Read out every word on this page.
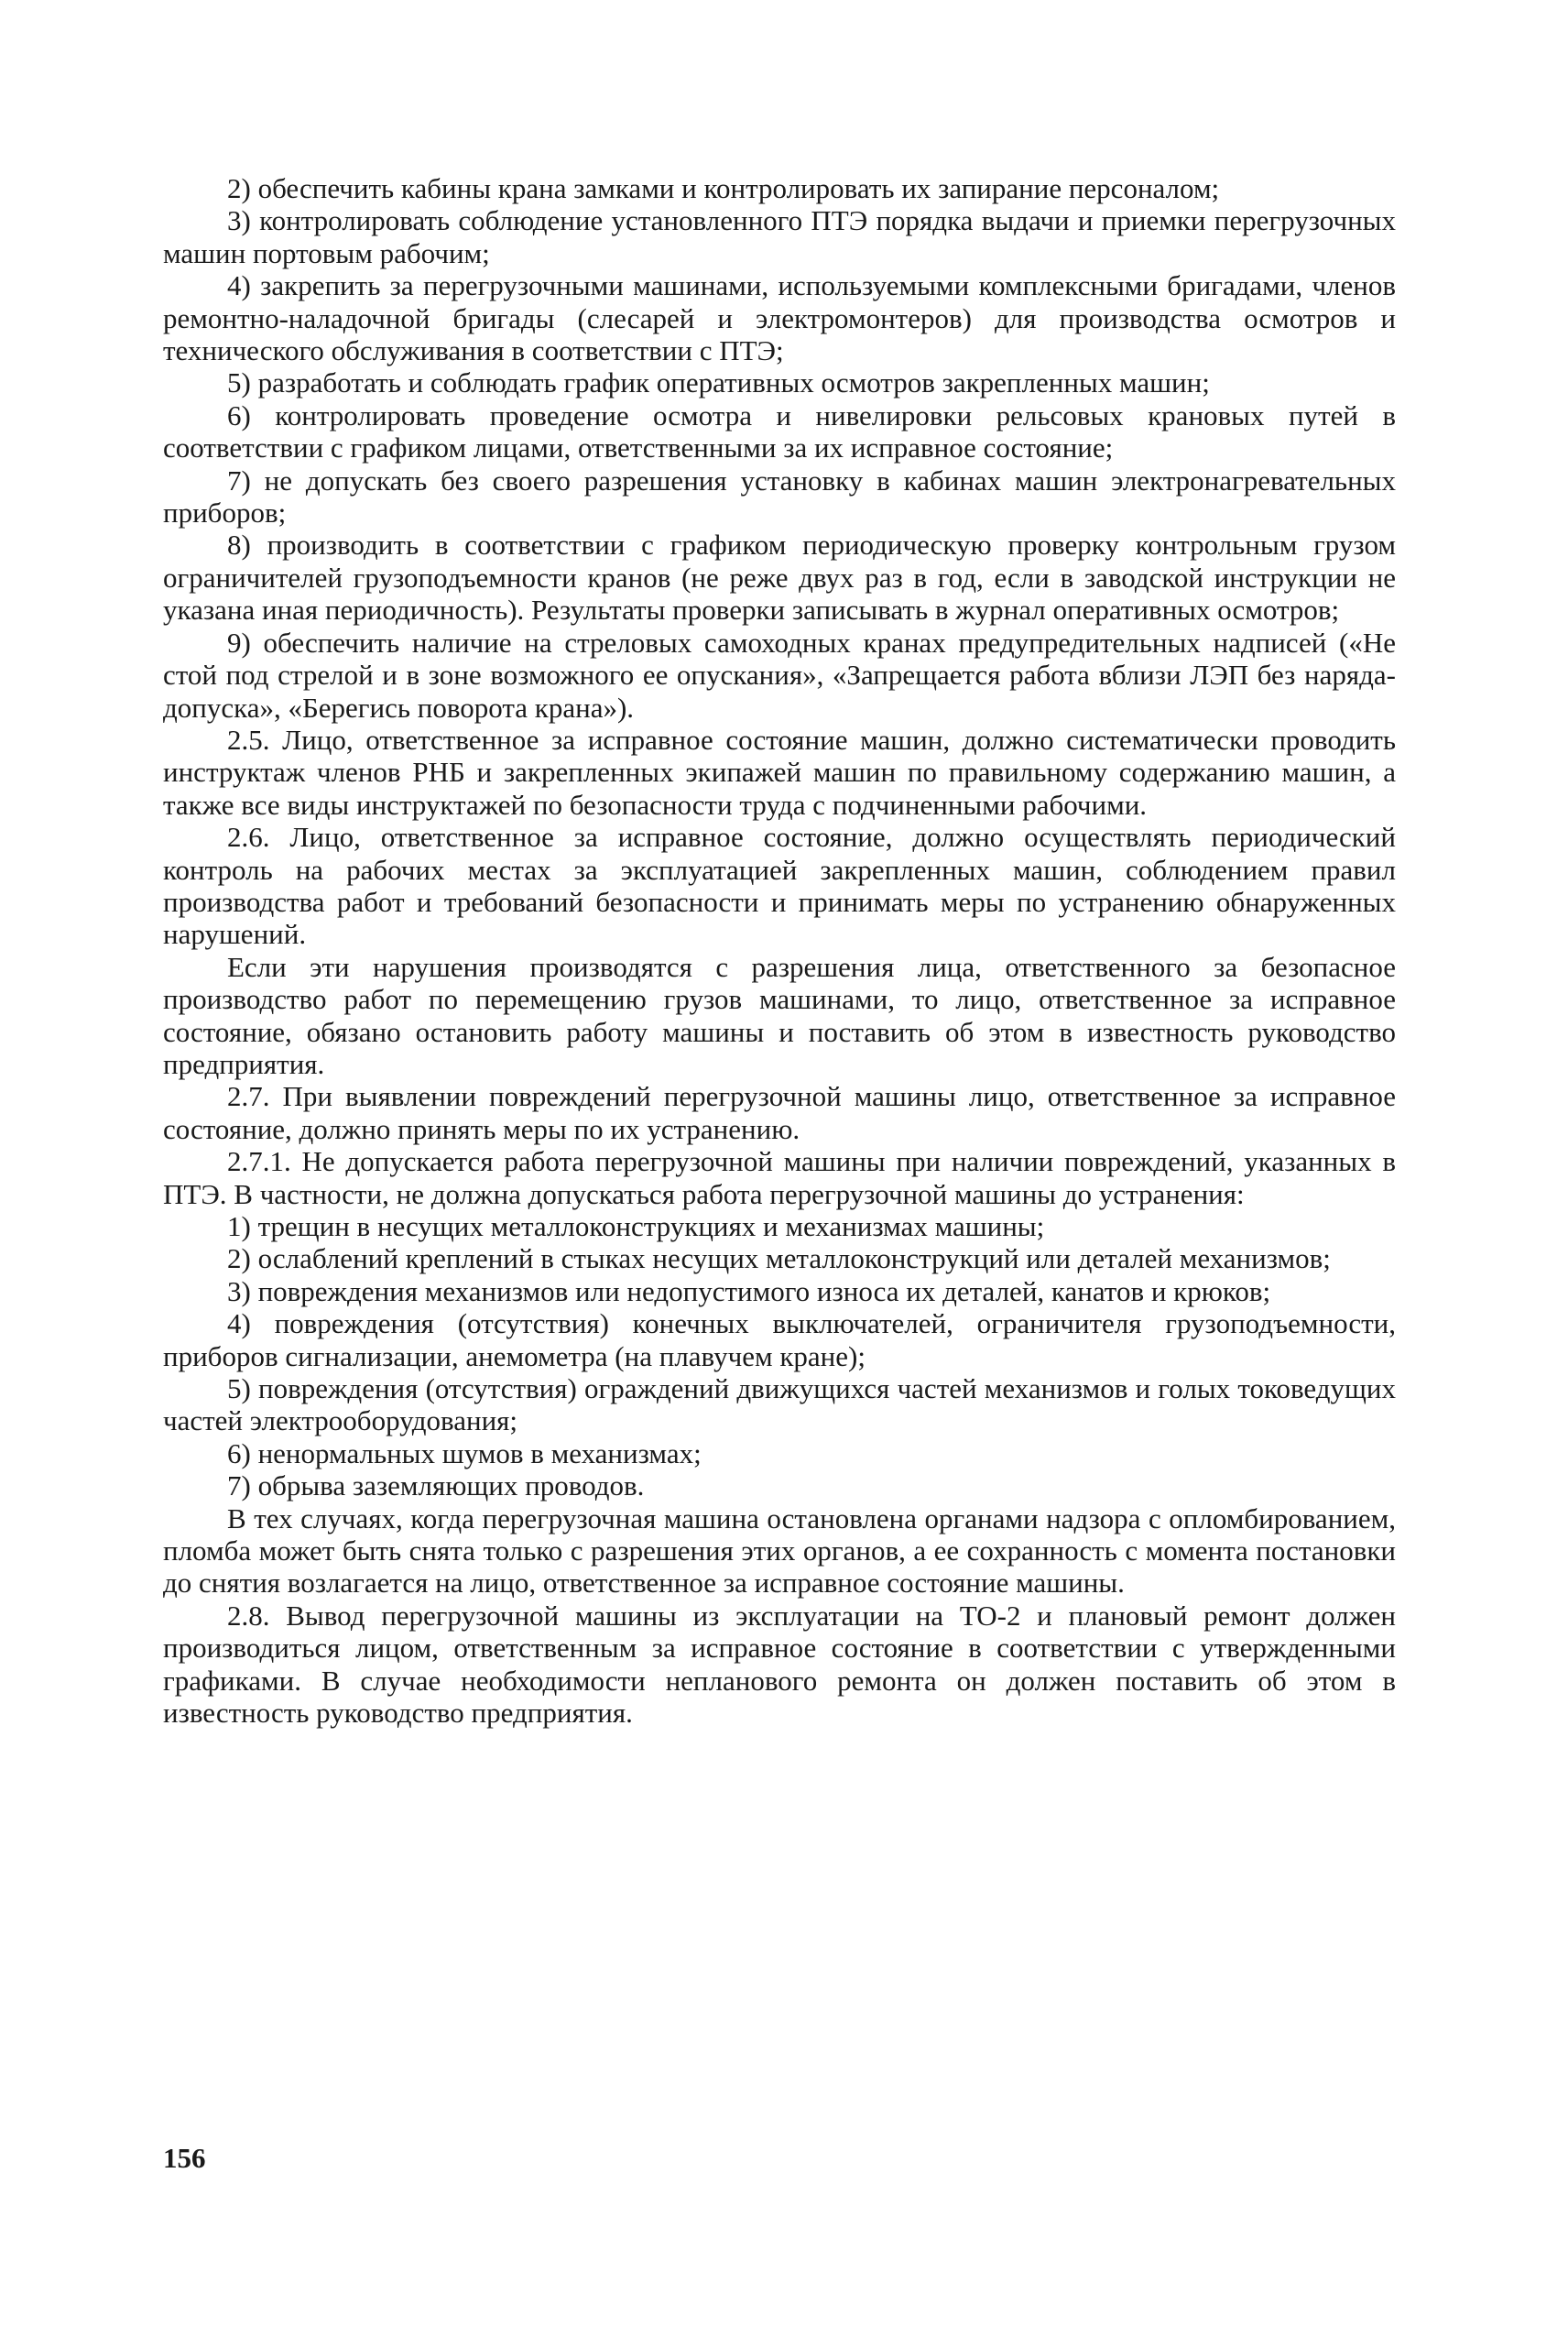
2) обеспечить кабины крана замками и контролировать их запирание персоналом;

3) контролировать соблюдение установленного ПТЭ порядка выдачи и приемки перегрузочных машин портовым рабочим;

4) закрепить за перегрузочными машинами, используемыми комплексными бригадами, членов ремонтно-наладочной бригады (слесарей и электромонтеров) для производства осмотров и технического обслуживания в соответствии с ПТЭ;

5) разработать и соблюдать график оперативных осмотров закрепленных машин;

6) контролировать проведение осмотра и нивелировки рельсовых крановых путей в соответствии с графиком лицами, ответственными за их исправное состояние;

7) не допускать без своего разрешения установку в кабинах машин электронагревательных приборов;

8) производить в соответствии с графиком периодическую проверку контрольным грузом ограничителей грузоподъемности кранов (не реже двух раз в год, если в заводской инструкции не указана иная периодичность). Результаты проверки записывать в журнал оперативных осмотров;

9) обеспечить наличие на стреловых самоходных кранах предупредительных надписей («Не стой под стрелой и в зоне возможного ее опускания», «Запрещается работа вблизи ЛЭП без наряда-допуска», «Берегись поворота крана»).

2.5. Лицо, ответственное за исправное состояние машин, должно систематически проводить инструктаж членов РНБ и закрепленных экипажей машин по правильному содержанию машин, а также все виды инструктажей по безопасности труда с подчиненными рабочими.

2.6. Лицо, ответственное за исправное состояние, должно осуществлять периодический контроль на рабочих местах за эксплуатацией закрепленных машин, соблюдением правил производства работ и требований безопасности и принимать меры по устранению обнаруженных нарушений.

Если эти нарушения производятся с разрешения лица, ответственного за безопасное производство работ по перемещению грузов машинами, то лицо, ответственное за исправное состояние, обязано остановить работу машины и поставить об этом в известность руководство предприятия.

2.7. При выявлении повреждений перегрузочной машины лицо, ответственное за исправное состояние, должно принять меры по их устранению.

2.7.1. Не допускается работа перегрузочной машины при наличии повреждений, указанных в ПТЭ. В частности, не должна допускаться работа перегрузочной машины до устранения:

1) трещин в несущих металлоконструкциях и механизмах машины;

2) ослаблений креплений в стыках несущих металлоконструкций или деталей механизмов;

3) повреждения механизмов или недопустимого износа их деталей, канатов и крюков;

4) повреждения (отсутствия) конечных выключателей, ограничителя грузоподъемности, приборов сигнализации, анемометра (на плавучем кране);

5) повреждения (отсутствия) ограждений движущихся частей механизмов и голых токоведущих частей электрооборудования;

6) ненормальных шумов в механизмах;

7) обрыва заземляющих проводов.

В тех случаях, когда перегрузочная машина остановлена органами надзора с опломбированием, пломба может быть снята только с разрешения этих органов, а ее сохранность с момента постановки до снятия возлагается на лицо, ответственное за исправное состояние машины.

2.8. Вывод перегрузочной машины из эксплуатации на ТО-2 и плановый ремонт должен производиться лицом, ответственным за исправное состояние в соответствии с утвержденными графиками. В случае необходимости непланового ремонта он должен поставить об этом в известность руководство предприятия.

156
